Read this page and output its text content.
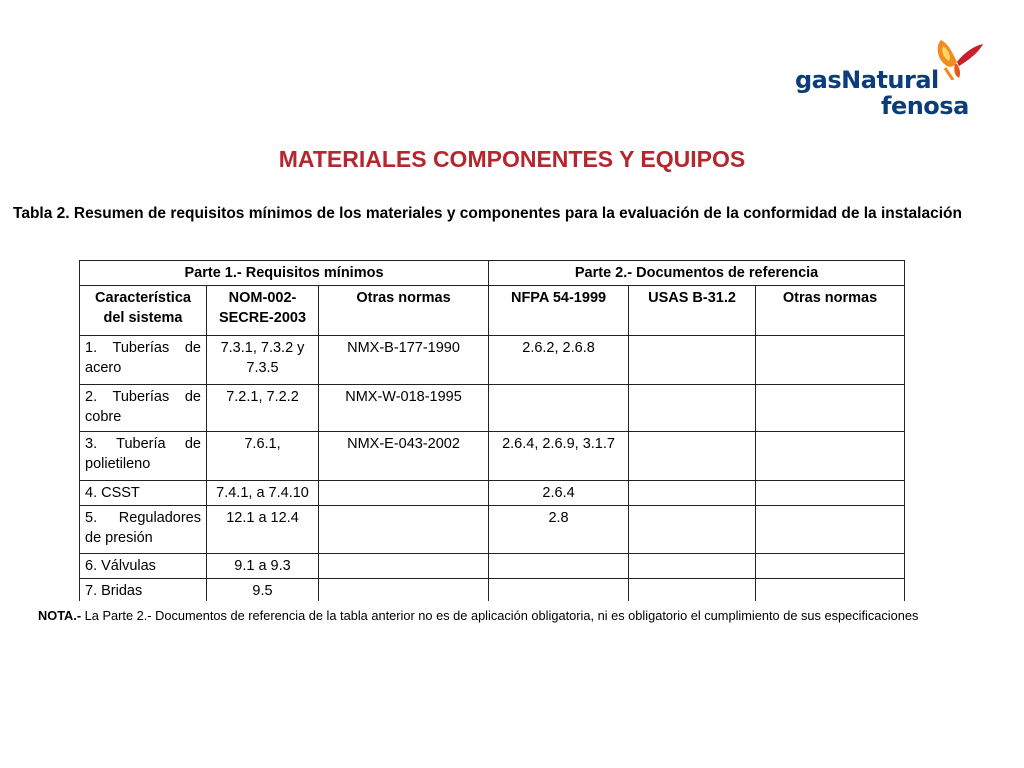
gasNatural
fenosa
MATERIALES COMPONENTES Y EQUIPOS
Tabla 2. Resumen de requisitos mínimos de los materiales y componentes para la evaluación de la conformidad de la instalación
Parte 1.- Requisitos mínimos			Parte 2.- Documentos de referencia		
Característica del sistema	NOM-002-SECRE-2003	Otras normas	NFPA 54-1999	USAS B-31.2	Otras normas
1. Tuberías de acero	7.3.1, 7.3.2 y 7.3.5	NMX-B-177-1990	2.6.2, 2.6.8		
2. Tuberías de cobre	7.2.1, 7.2.2	NMX-W-018-1995			
3. Tubería de polietileno	7.6.1,	NMX-E-043-2002	2.6.4, 2.6.9, 3.1.7		
4. CSST	7.4.1, a 7.4.10		2.6.4		
5. Reguladores de presión	12.1 a 12.4		2.8		
6. Válvulas	9.1 a 9.3				
7. Bridas	9.5				
NOTA.- La Parte 2.- Documentos de referencia de la tabla anterior no es de aplicación obligatoria, ni es obligatorio el cumplimiento de sus especificaciones
